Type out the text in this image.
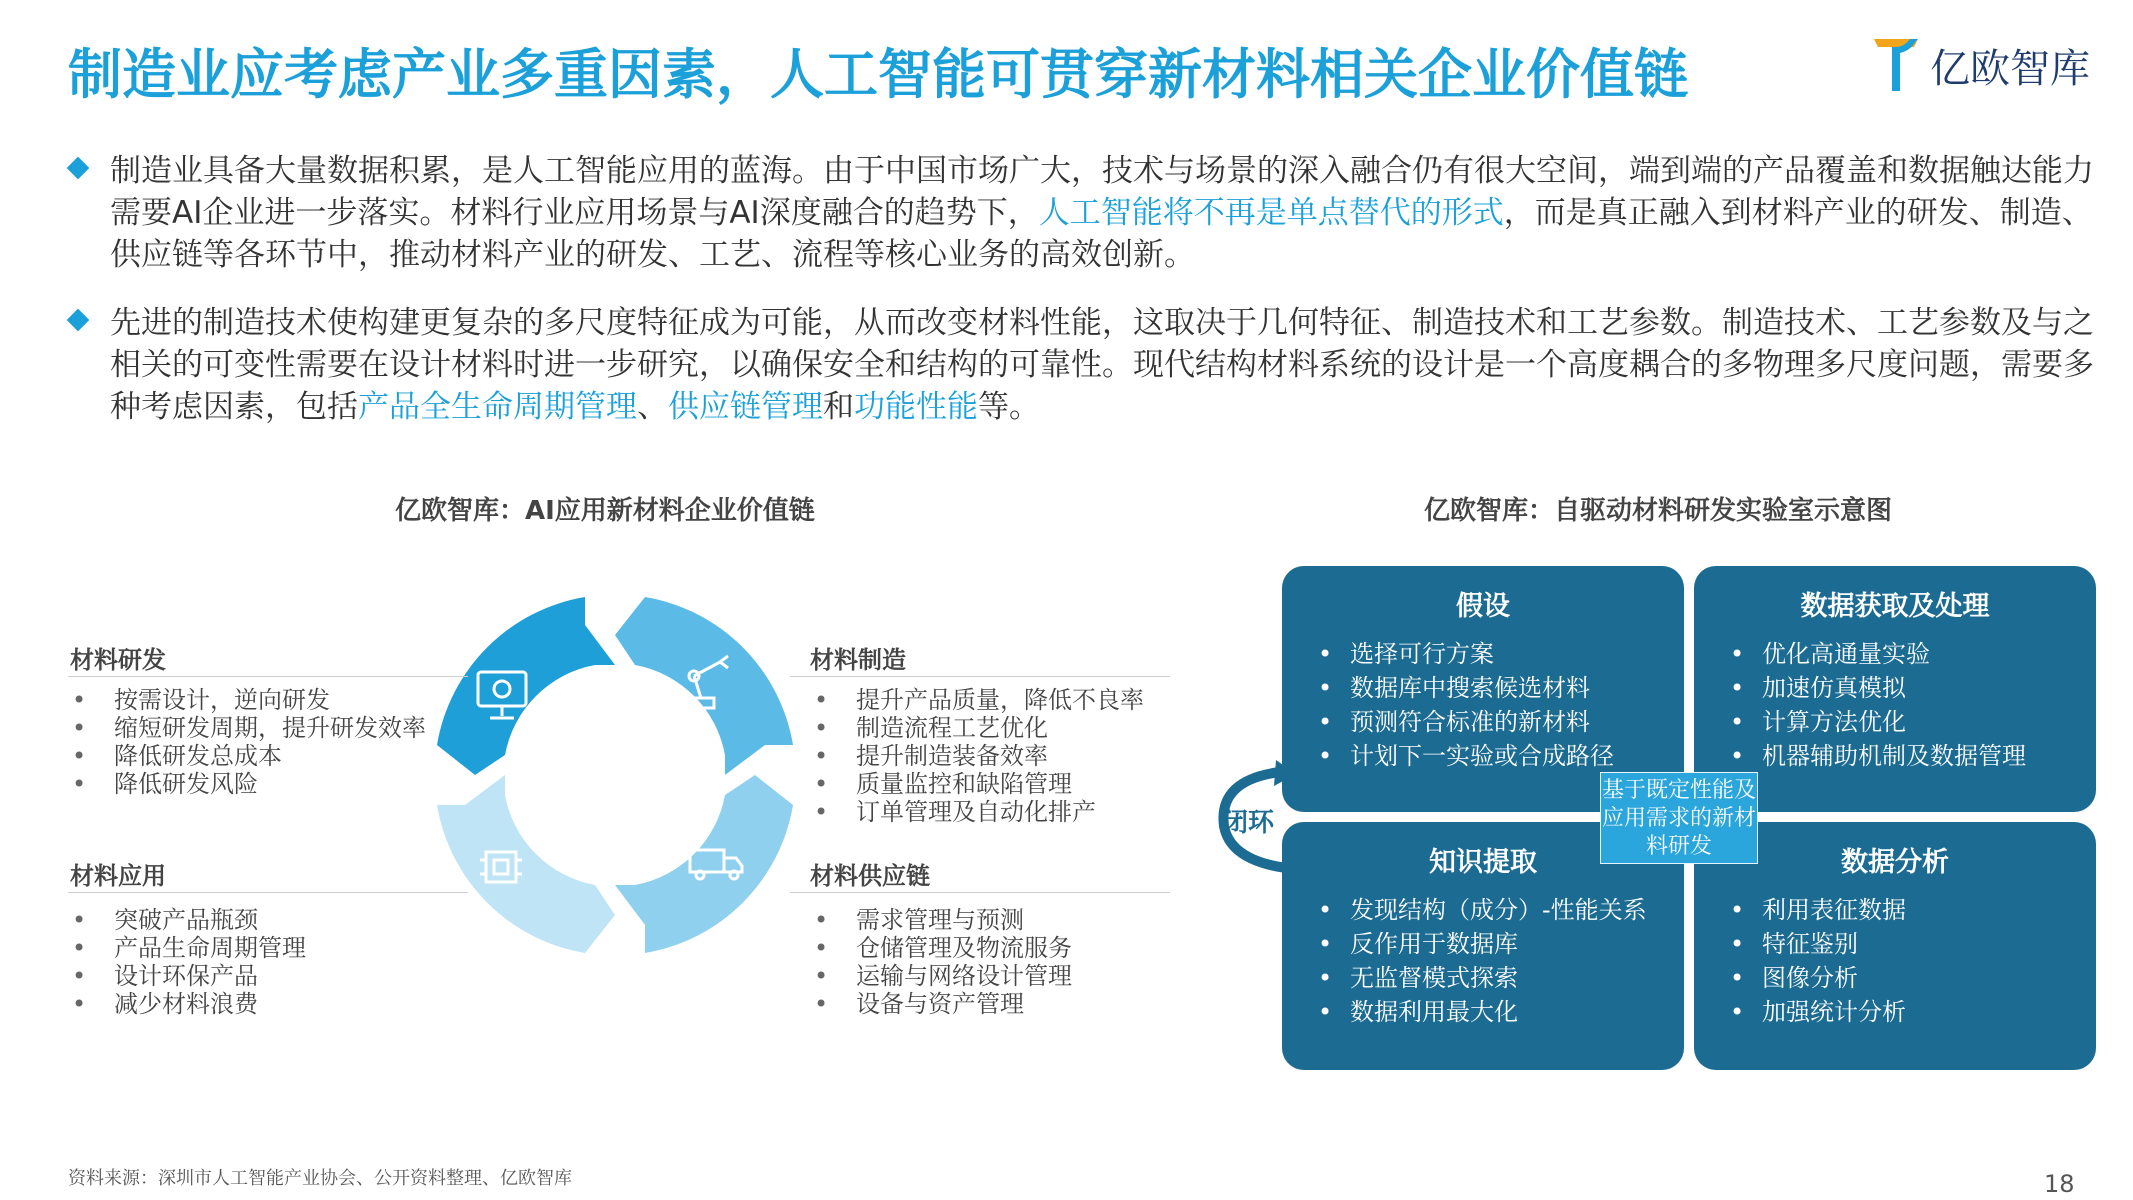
制造业应考虑产业多重因素，人工智能可贯穿新材料相关企业价值链	亿欧智库
制造业具备大量数据积累，是人工智能应用的蓝海。由于中国市场广大，技术与场景的深入融合仍有很大空间，端到端的产品覆盖和数据触达能力需要AI企业进一步落实。材料行业应用场景与AI深度融合的趋势下，人工智能将不再是单点替代的形式，而是真正融入到材料产业的研发、制造、供应链等各环节中，推动材料产业的研发、工艺、流程等核心业务的高效创新。
先进的制造技术使构建更复杂的多尺度特征成为可能，从而改变材料性能，这取决于几何特征、制造技术和工艺参数。制造技术、工艺参数及与之相关的可变性需要在设计材料时进一步研究，以确保安全和结构的可靠性。现代结构材料系统的设计是一个高度耦合的多物理多尺度问题，需要多种考虑因素，包括产品全生命周期管理、供应链管理和功能性能等。
亿欧智库：AI应用新材料企业价值链
材料研发
• 按需设计，逆向研发
• 缩短研发周期，提升研发效率
• 降低研发总成本
• 降低研发风险
材料应用
• 突破产品瓶颈
• 产品生命周期管理
• 设计环保产品
• 减少材料浪费
材料制造
• 提升产品质量，降低不良率
• 制造流程工艺优化
• 提升制造装备效率
• 质量监控和缺陷管理
• 订单管理及自动化排产
材料供应链
• 需求管理与预测
• 仓储管理及物流服务
• 运输与网络设计管理
• 设备与资产管理
亿欧智库：自驱动材料研发实验室示意图
闭环
假设
• 选择可行方案
• 数据库中搜索候选材料
• 预测符合标准的新材料
• 计划下一实验或合成路径
数据获取及处理
• 优化高通量实验
• 加速仿真模拟
• 计算方法优化
• 机器辅助机制及数据管理
知识提取
• 发现结构（成分）-性能关系
• 反作用于数据库
• 无监督模式探索
• 数据利用最大化
数据分析
• 利用表征数据
• 特征鉴别
• 图像分析
• 加强统计分析
基于既定性能及应用需求的新材料研发
资料来源：深圳市人工智能产业协会、公开资料整理、亿欧智库	18
